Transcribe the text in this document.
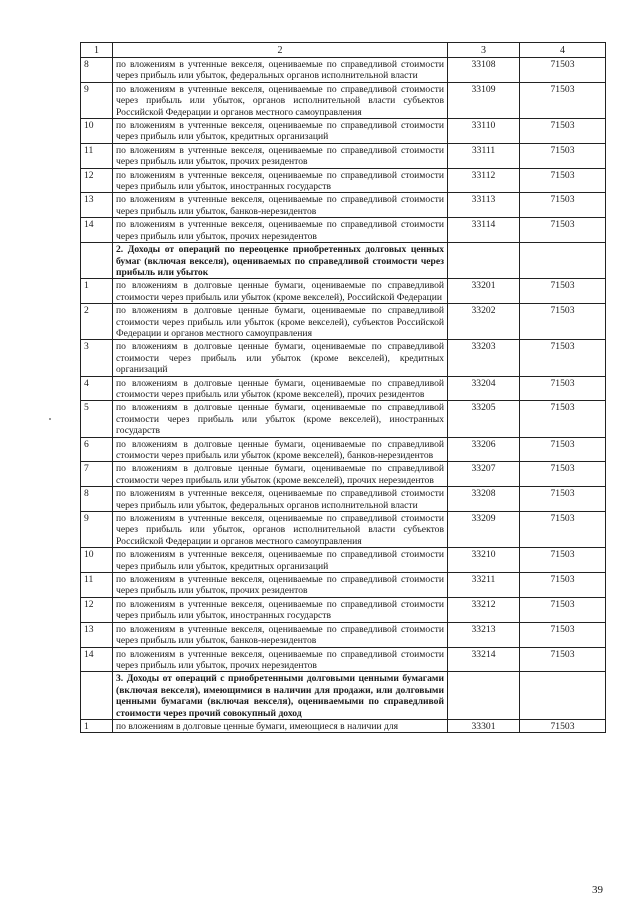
1	2	3	4
8	по вложениям в учтенные векселя, оцениваемые по справедливой стоимости через прибыль или убыток, федеральных органов исполнительной власти	33108	71503
9	по вложениям в учтенные векселя, оцениваемые по справедливой стоимости через прибыль или убыток, органов исполнительной власти субъектов Российской Федерации и органов местного самоуправления	33109	71503
10	по вложениям в учтенные векселя, оцениваемые по справедливой стоимости через прибыль или убыток, кредитных организаций	33110	71503
11	по вложениям в учтенные векселя, оцениваемые по справедливой стоимости через прибыль или убыток, прочих резидентов	33111	71503
12	по вложениям в учтенные векселя, оцениваемые по справедливой стоимости через прибыль или убыток, иностранных государств	33112	71503
13	по вложениям в учтенные векселя, оцениваемые по справедливой стоимости через прибыль или убыток, банков-нерезидентов	33113	71503
14	по вложениям в учтенные векселя, оцениваемые по справедливой стоимости через прибыль или убыток, прочих нерезидентов	33114	71503
	2. Доходы от операций по переоценке приобретенных долговых ценных бумаг (включая векселя), оцениваемых по справедливой стоимости через прибыль или убыток		
1	по вложениям в долговые ценные бумаги, оцениваемые по справедливой стоимости через прибыль или убыток (кроме векселей), Российской Федерации	33201	71503
2	по вложениям в долговые ценные бумаги, оцениваемые по справедливой стоимости через прибыль или убыток (кроме векселей), субъектов Российской Федерации и органов местного самоуправления	33202	71503
3	по вложениям в долговые ценные бумаги, оцениваемые по справедливой стоимости через прибыль или убыток (кроме векселей), кредитных организаций	33203	71503
4	по вложениям в долговые ценные бумаги, оцениваемые по справедливой стоимости через прибыль или убыток (кроме векселей), прочих резидентов	33204	71503
5	по вложениям в долговые ценные бумаги, оцениваемые по справедливой стоимости через прибыль или убыток (кроме векселей), иностранных государств	33205	71503
6	по вложениям в долговые ценные бумаги, оцениваемые по справедливой стоимости через прибыль или убыток (кроме векселей), банков-нерезидентов	33206	71503
7	по вложениям в долговые ценные бумаги, оцениваемые по справедливой стоимости через прибыль или убыток (кроме векселей), прочих нерезидентов	33207	71503
8	по вложениям в учтенные векселя, оцениваемые по справедливой стоимости через прибыль или убыток, федеральных органов исполнительной власти	33208	71503
9	по вложениям в учтенные векселя, оцениваемые по справедливой стоимости через прибыль или убыток, органов исполнительной власти субъектов Российской Федерации и органов местного самоуправления	33209	71503
10	по вложениям в учтенные векселя, оцениваемые по справедливой стоимости через прибыль или убыток, кредитных организаций	33210	71503
11	по вложениям в учтенные векселя, оцениваемые по справедливой стоимости через прибыль или убыток, прочих резидентов	33211	71503
12	по вложениям в учтенные векселя, оцениваемые по справедливой стоимости через прибыль или убыток, иностранных государств	33212	71503
13	по вложениям в учтенные векселя, оцениваемые по справедливой стоимости через прибыль или убыток, банков-нерезидентов	33213	71503
14	по вложениям в учтенные векселя, оцениваемые по справедливой стоимости через прибыль или убыток, прочих нерезидентов	33214	71503
	3. Доходы от операций с приобретенными долговыми ценными бумагами (включая векселя), имеющимися в наличии для продажи, или долговыми ценными бумагами (включая векселя), оцениваемыми по справедливой стоимости через прочий совокупный доход		
1	по вложениям в долговые ценные бумаги, имеющиеся в наличии для	33301	71503
39
